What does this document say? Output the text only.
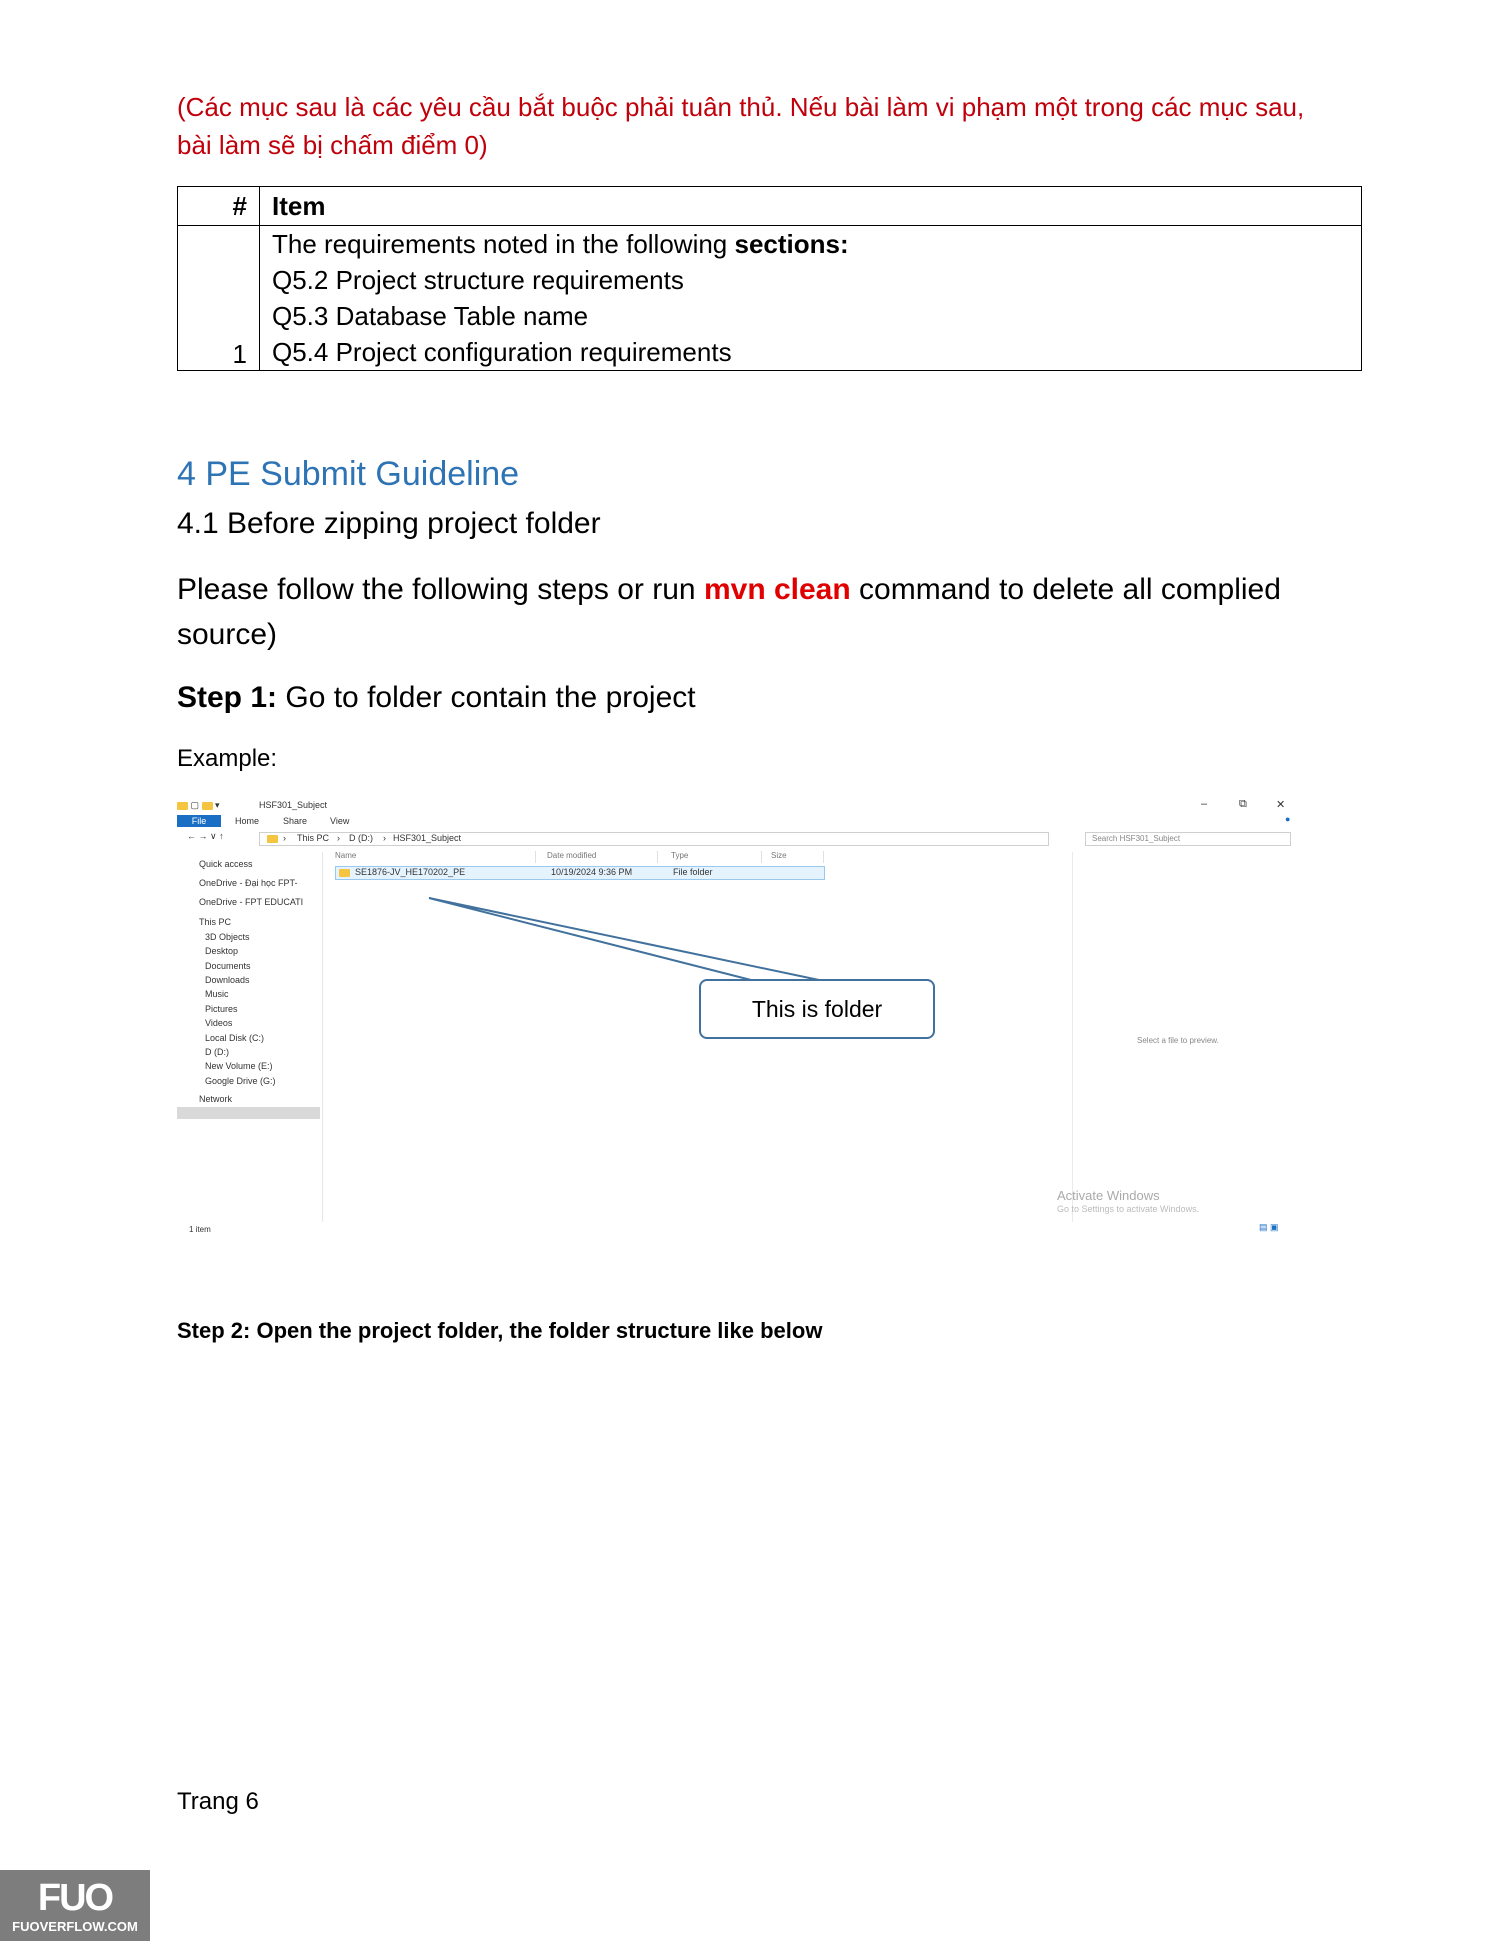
(Các mục sau là các yêu cầu bắt buộc phải tuân thủ. Nếu bài làm vi phạm một trong các mục sau, bài làm sẽ bị chấm điểm 0)
#	Item
1	The requirements noted in the following sections:
Q5.2 Project structure requirements
Q5.3 Database Table name
Q5.4 Project configuration requirements
4 PE Submit Guideline
4.1 Before zipping project folder
Please follow the following steps or run mvn clean command to delete all complied source)
Step 1: Go to folder contain the project
Example:
▢  ▾	HSF301_Subject	–	⧉	✕
File	Home	Share	View	●
← → ∨ ↑	› This PC › D (D:) › HSF301_Subject	Search HSF301_Subject
Quick access
OneDrive - Đại học FPT-
OneDrive - FPT EDUCATI
This PC
3D Objects
Desktop
Documents
Downloads
Music
Pictures
Videos
Local Disk (C:)
D (D:)
New Volume (E:)
Google Drive (G:)
Network
Name	Date modified	Type	Size
SE1876-JV_HE170202_PE	10/19/2024 9:36 PM	File folder
Select a file to preview.
This is folder
Activate Windows
Go to Settings to activate Windows.
1 item	▤ ▣
Step 2: Open the project folder, the folder structure like below
Trang 6
FUO
FUOVERFLOW.COM
